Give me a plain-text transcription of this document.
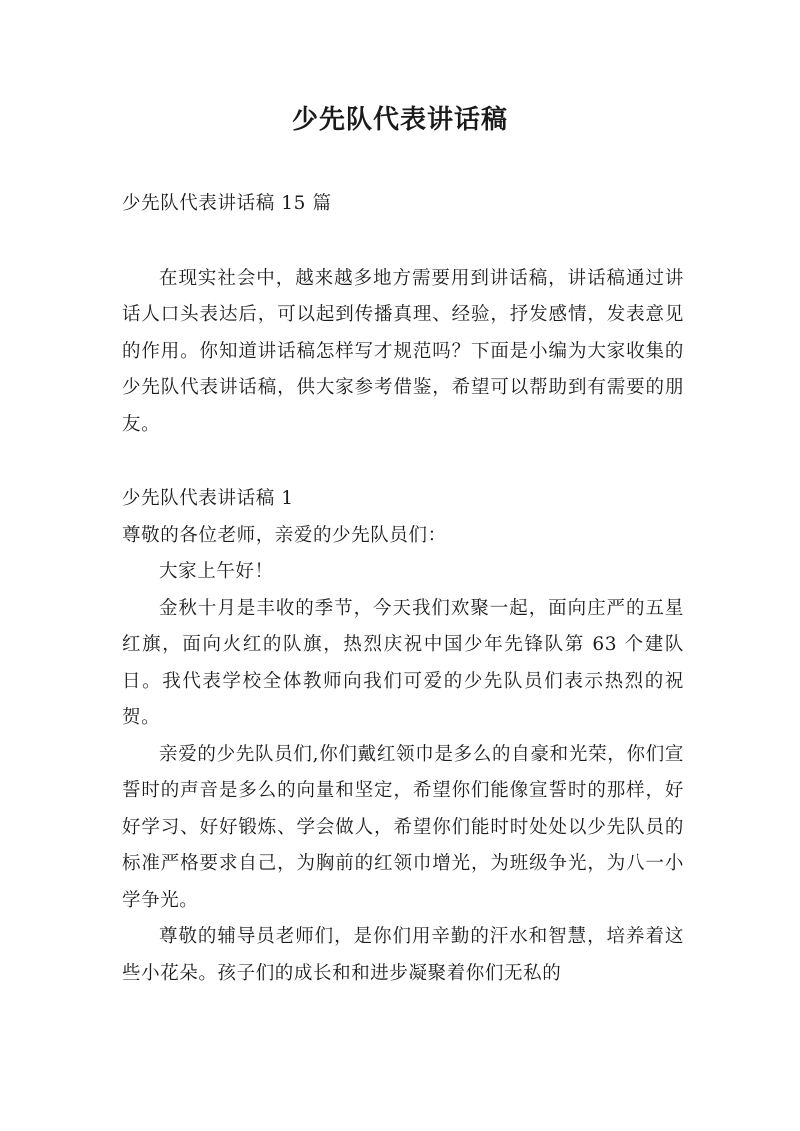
少先队代表讲话稿

少先队代表讲话稿 15 篇

在现实社会中，越来越多地方需要用到讲话稿，讲话稿通过讲话人口头表达后，可以起到传播真理、经验，抒发感情，发表意见的作用。你知道讲话稿怎样写才规范吗？下面是小编为大家收集的少先队代表讲话稿，供大家参考借鉴，希望可以帮助到有需要的朋友。

少先队代表讲话稿 1

尊敬的各位老师，亲爱的少先队员们：

大家上午好！

金秋十月是丰收的季节，今天我们欢聚一起，面向庄严的五星红旗，面向火红的队旗，热烈庆祝中国少年先锋队第 63 个建队日。我代表学校全体教师向我们可爱的少先队员们表示热烈的祝贺。

亲爱的少先队员们,你们戴红领巾是多么的自豪和光荣，你们宣誓时的声音是多么的向量和坚定，希望你们能像宣誓时的那样，好好学习、好好锻炼、学会做人，希望你们能时时处处以少先队员的标准严格要求自己，为胸前的红领巾增光，为班级争光，为八一小学争光。

尊敬的辅导员老师们，是你们用辛勤的汗水和智慧，培养着这些小花朵。孩子们的成长和和进步凝聚着你们无私的
